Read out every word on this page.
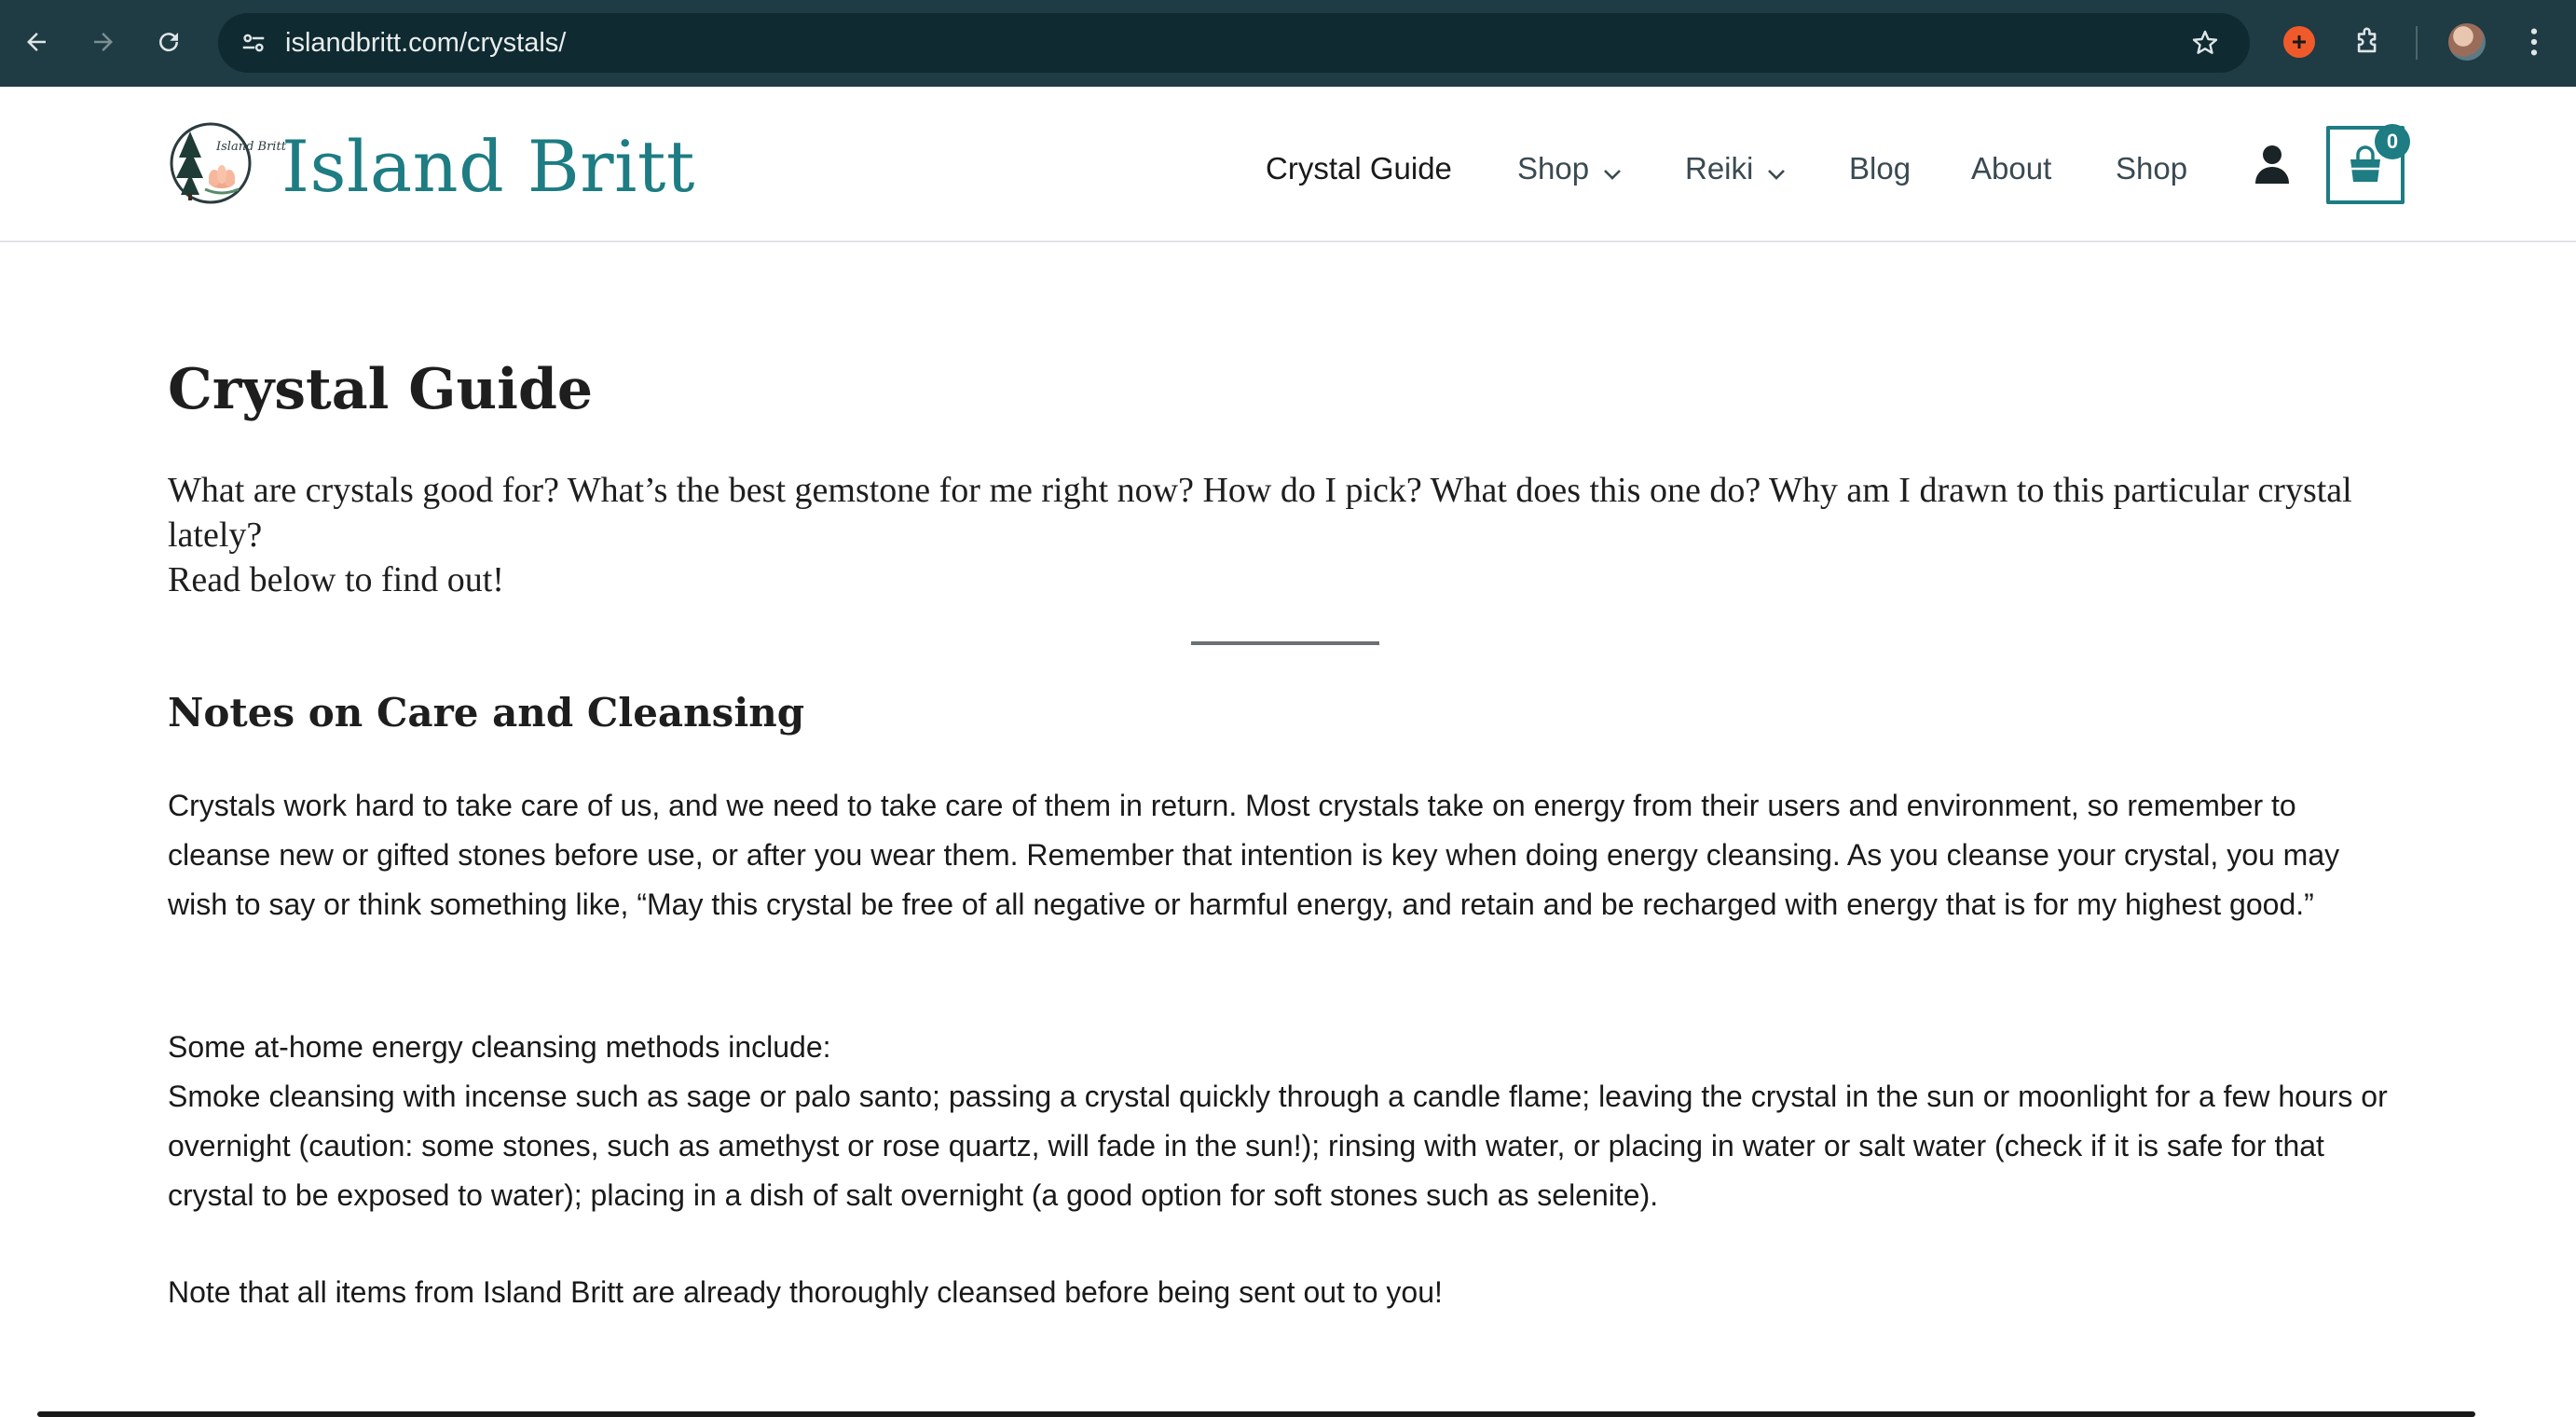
islandbritt.com/crystals/
Island Britt
Island Britt	Crystal Guide Shop	Reiki	Blog About Shop
0
Crystal Guide

What are crystals good for? What’s the best gemstone for me right now? How do I pick? What does this one do? Why am I drawn to this particular crystal lately?

Read below to find out!

Notes on Care and Cleansing

Crystals work hard to take care of us, and we need to take care of them in return. Most crystals take on energy from their users and environment, so remember to cleanse new or gifted stones before use, or after you wear them. Remember that intention is key when doing energy cleansing. As you cleanse your crystal, you may wish to say or think something like, “May this crystal be free of all negative or harmful energy, and retain and be recharged with energy that is for my highest good.”

Some at-home energy cleansing methods include:

Smoke cleansing with incense such as sage or palo santo; passing a crystal quickly through a candle flame; leaving the crystal in the sun or moonlight for a few hours or overnight (caution: some stones, such as amethyst or rose quartz, will fade in the sun!); rinsing with water, or placing in water or salt water (check if it is safe for that crystal to be exposed to water); placing in a dish of salt overnight (a good option for soft stones such as selenite).

Note that all items from Island Britt are already thoroughly cleansed before being sent out to you!
